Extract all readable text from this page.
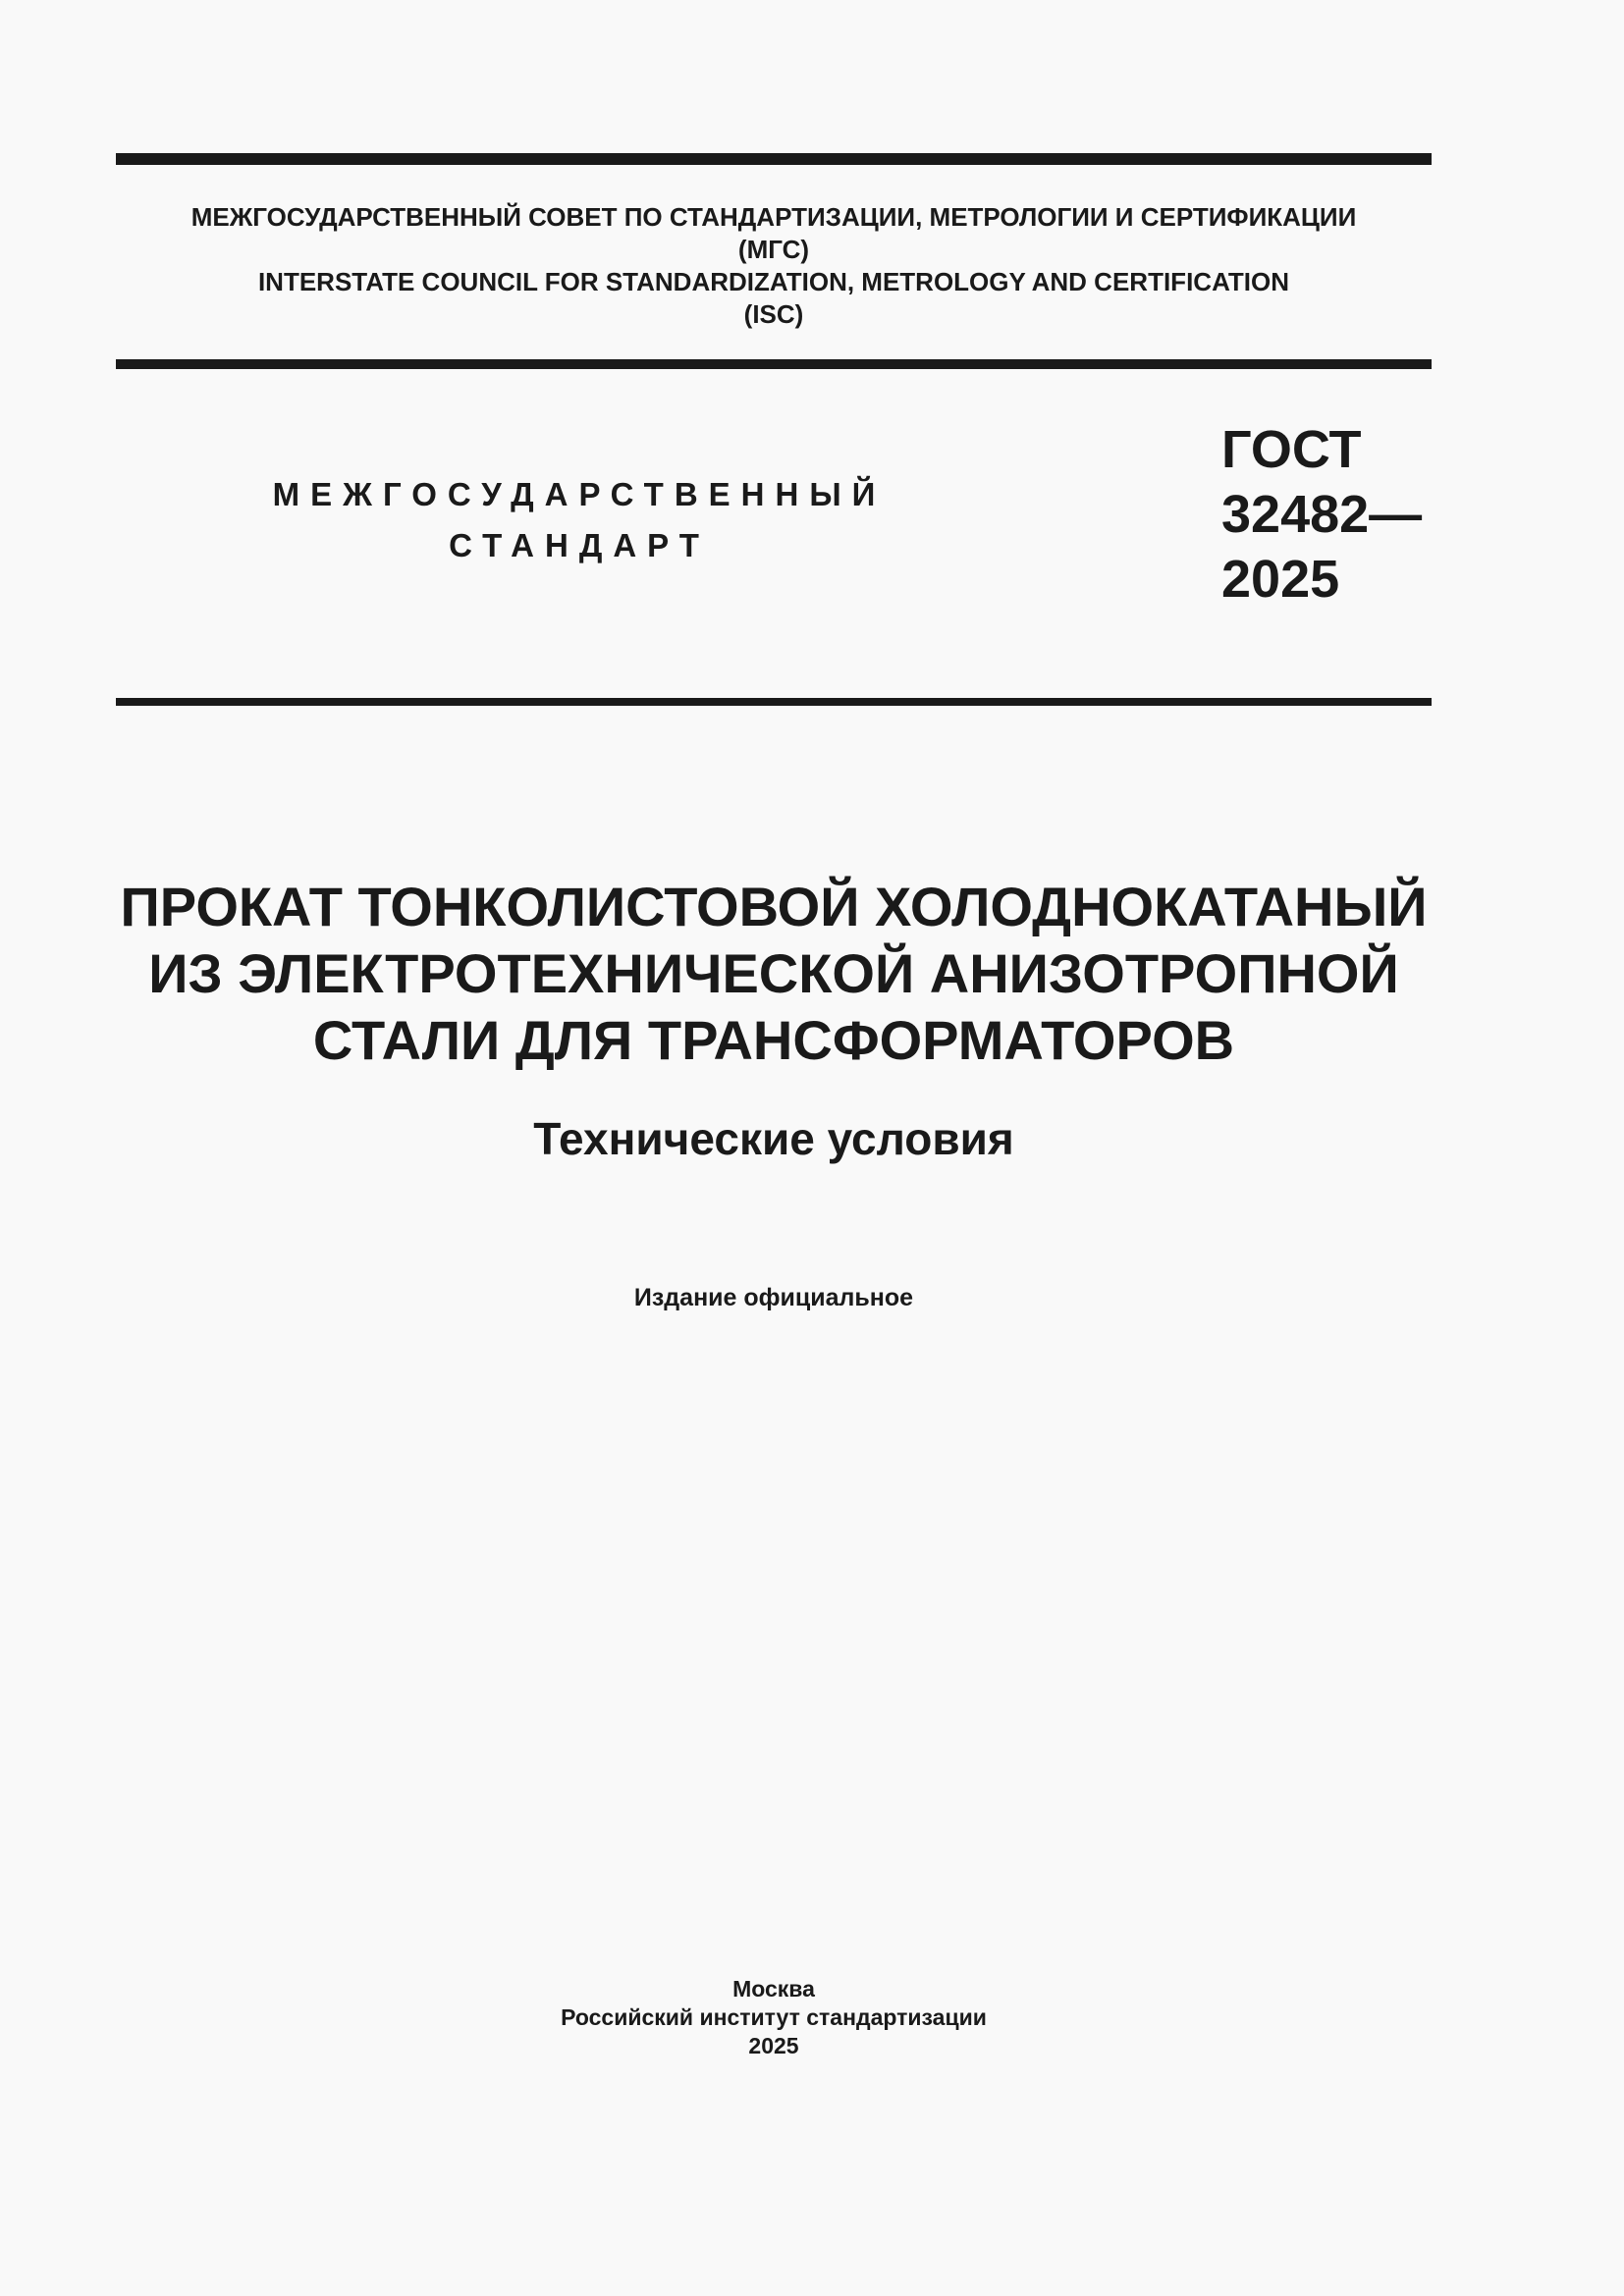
МЕЖГОСУДАРСТВЕННЫЙ СОВЕТ ПО СТАНДАРТИЗАЦИИ, МЕТРОЛОГИИ И СЕРТИФИКАЦИИ
(МГС)
INTERSTATE COUNCIL FOR STANDARDIZATION, METROLOGY AND CERTIFICATION
(ISC)
МЕЖГОСУДАРСТВЕННЫЙ
СТАНДАРТ
ГОСТ
32482—
2025
ПРОКАТ ТОНКОЛИСТОВОЙ ХОЛОДНОКАТАНЫЙ
ИЗ ЭЛЕКТРОТЕХНИЧЕСКОЙ АНИЗОТРОПНОЙ
СТАЛИ ДЛЯ ТРАНСФОРМАТОРОВ
Технические условия
Издание официальное
Москва
Российский институт стандартизации
2025
